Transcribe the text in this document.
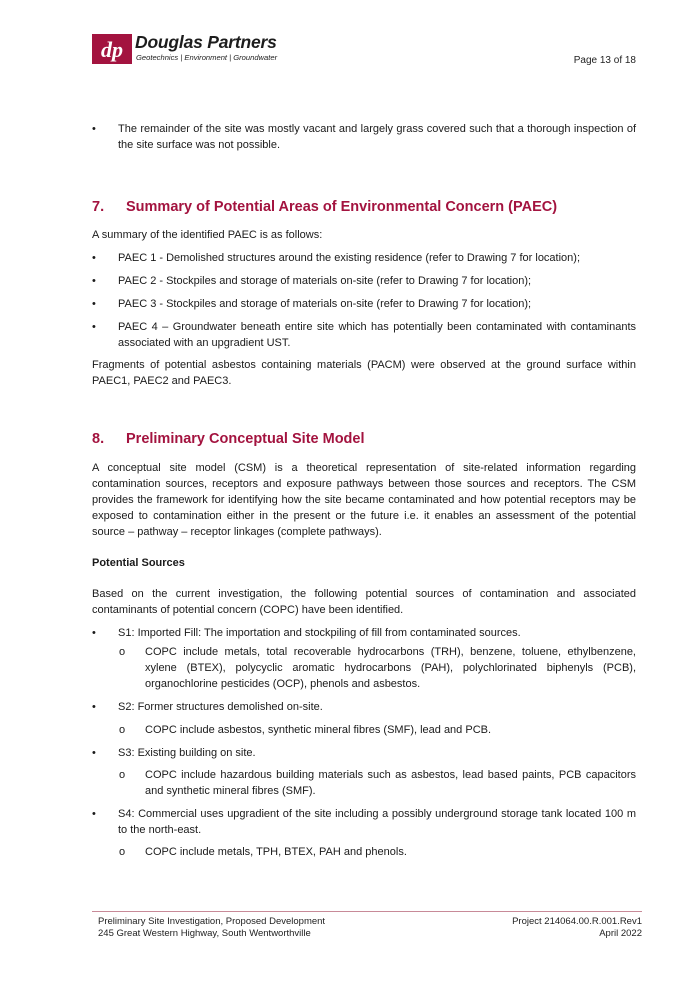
dp Douglas Partners
Geotechnics | Environment | Groundwater	Page 13 of 18
• The remainder of the site was mostly vacant and largely grass covered such that a thorough inspection of the site surface was not possible.
7. Summary of Potential Areas of Environmental Concern (PAEC)

A summary of the identified PAEC is as follows:

• PAEC 1 - Demolished structures around the existing residence (refer to Drawing 7 for location);
• PAEC 2 - Stockpiles and storage of materials on-site (refer to Drawing 7 for location);
• PAEC 3 - Stockpiles and storage of materials on-site (refer to Drawing 7 for location);
• PAEC 4 – Groundwater beneath entire site which has potentially been contaminated with contaminants associated with an upgradient UST.

Fragments of potential asbestos containing materials (PACM) were observed at the ground surface within PAEC1, PAEC2 and PAEC3.

8. Preliminary Conceptual Site Model

A conceptual site model (CSM) is a theoretical representation of site-related information regarding contamination sources, receptors and exposure pathways between those sources and receptors. The CSM provides the framework for identifying how the site became contaminated and how potential receptors may be exposed to contamination either in the present or the future i.e. it enables an assessment of the potential source – pathway – receptor linkages (complete pathways).

Potential Sources

Based on the current investigation, the following potential sources of contamination and associated contaminants of potential concern (COPC) have been identified.

• S1: Imported Fill: The importation and stockpiling of fill from contaminated sources.
o COPC include metals, total recoverable hydrocarbons (TRH), benzene, toluene, ethylbenzene, xylene (BTEX), polycyclic aromatic hydrocarbons (PAH), polychlorinated biphenyls (PCB), organochlorine pesticides (OCP), phenols and asbestos.
• S2: Former structures demolished on-site.
o COPC include asbestos, synthetic mineral fibres (SMF), lead and PCB.
• S3: Existing building on site.
o COPC include hazardous building materials such as asbestos, lead based paints, PCB capacitors and synthetic mineral fibres (SMF).
• S4: Commercial uses upgradient of the site including a possibly underground storage tank located 100 m to the north-east.
o COPC include metals, TPH, BTEX, PAH and phenols.
Preliminary Site Investigation, Proposed Development
245 Great Western Highway, South Wentworthville
Project 214064.00.R.001.Rev1
April 2022
